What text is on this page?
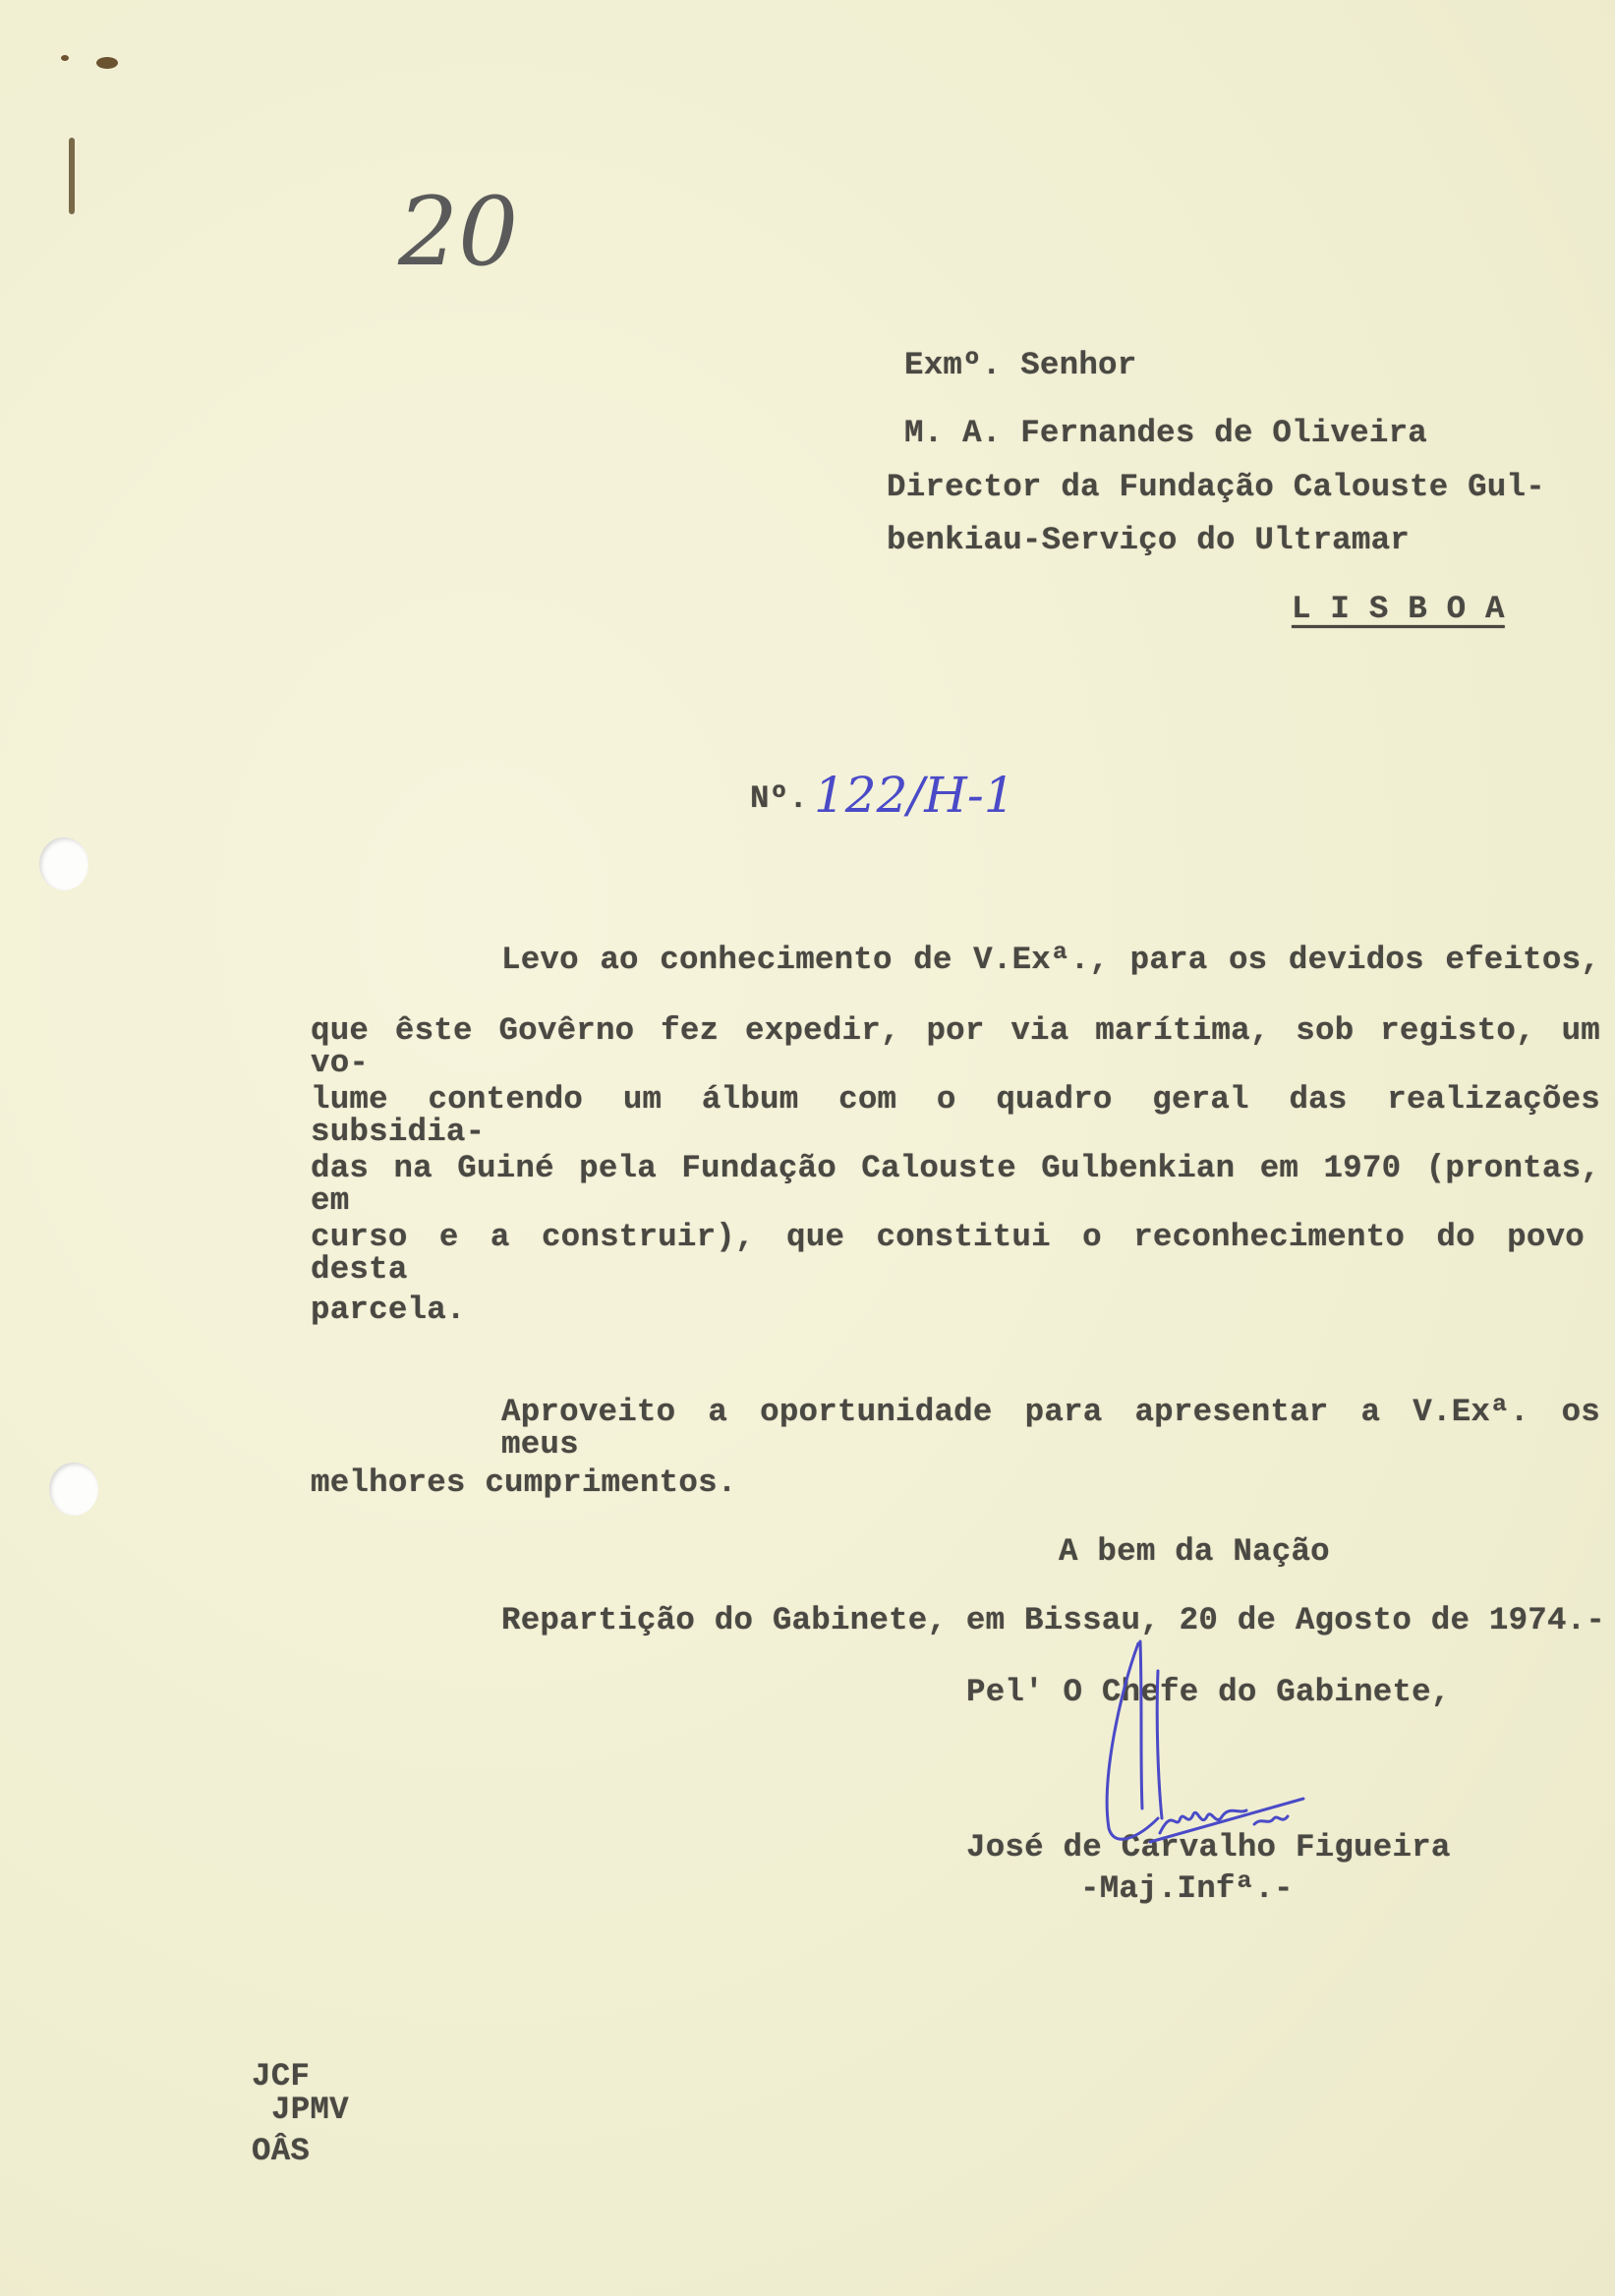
20
Exmº. Senhor
M. A. Fernandes de Oliveira
Director da Fundação Calouste Gul-
benkiau-Serviço do Ultramar
L I S B O A
Nº. 122/H-1
Levo ao conhecimento de V.Exª., para os devidos efeitos,
que êste Govêrno fez expedir, por via marítima, sob registo, um vo-
lume contendo um álbum com o quadro geral das realizações subsidia-
das na Guiné pela Fundação Calouste Gulbenkian em 1970 (prontas, em
curso e a construir), que constitui o reconhecimento do povo desta
parcela.
Aproveito a oportunidade para apresentar a V.Exª. os meus
melhores cumprimentos.
A bem da Nação
Repartição do Gabinete, em Bissau, 20 de Agosto de 1974.-
Pel' O Chefe do Gabinete,
José de Carvalho Figueira
-Maj.Infª.-
JCF
JPMV
OÂS
